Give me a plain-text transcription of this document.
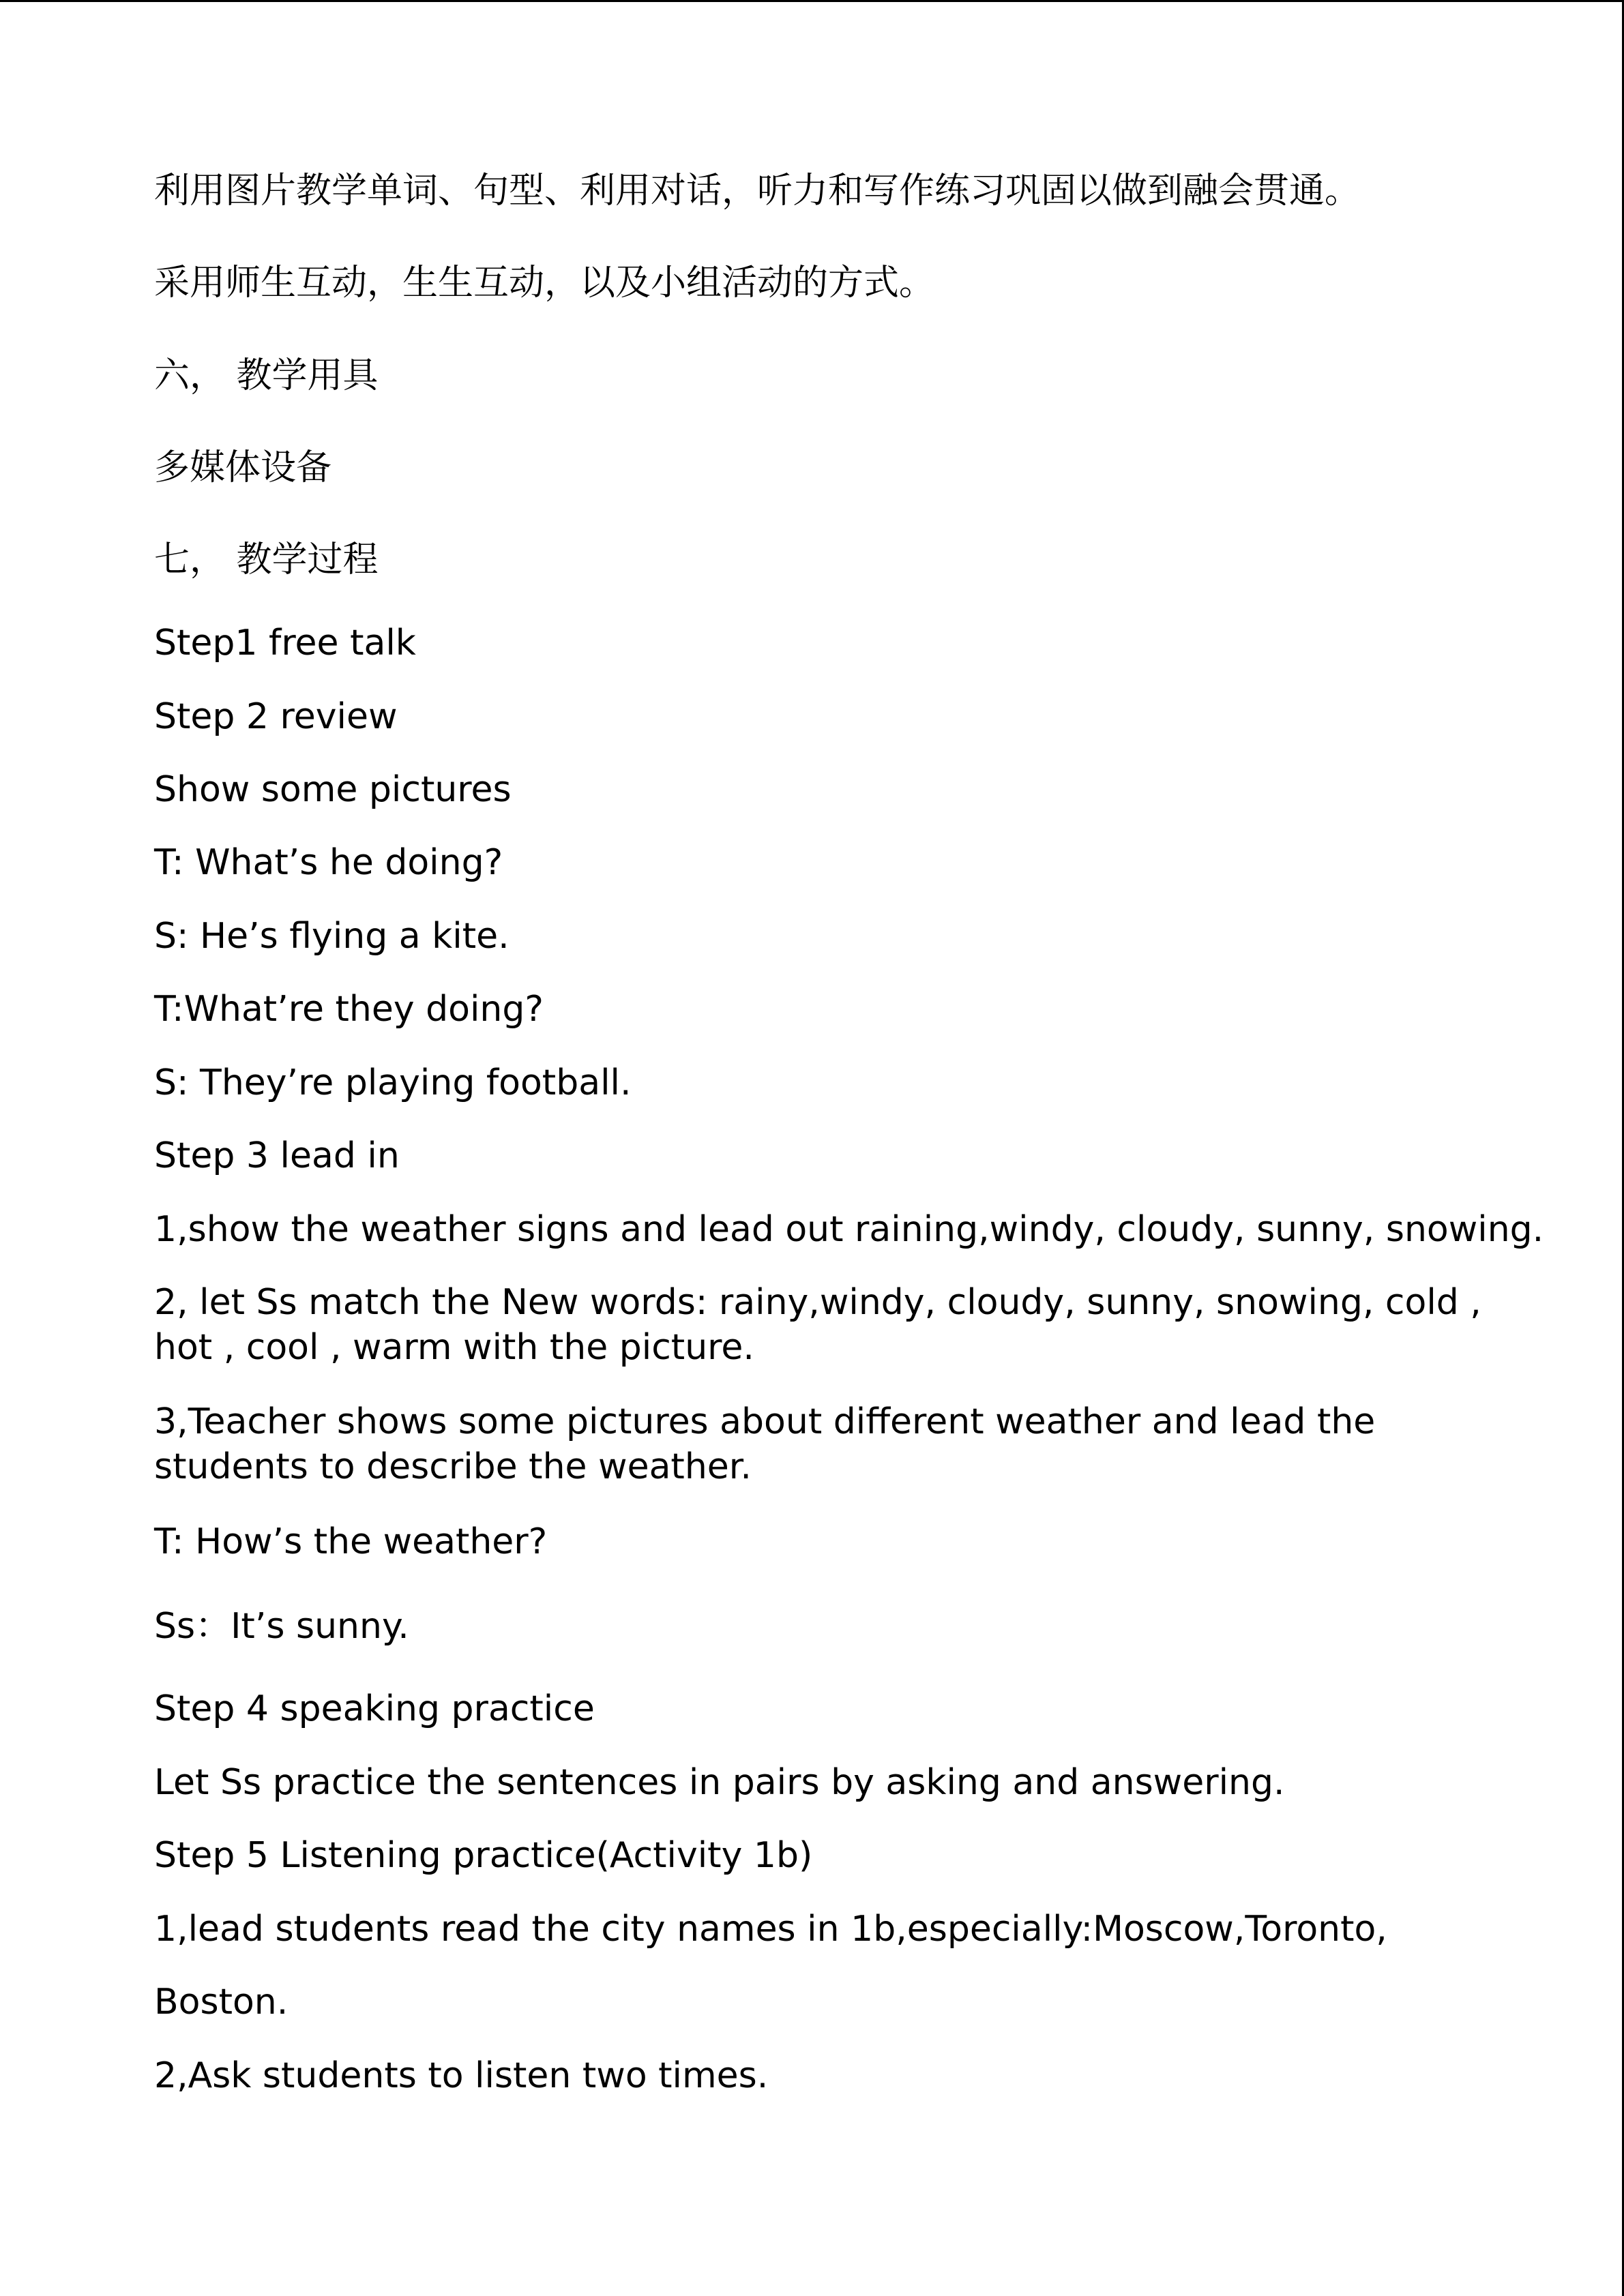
利用图片教学单词、句型、利用对话，听力和写作练习巩固以做到融会贯通。
采用师生互动，生生互动，以及小组活动的方式。
六， 教学用具
多媒体设备
七， 教学过程
Step1 free talk
Step 2 review
Show some pictures
T: What’s he doing?
S: He’s flying a kite.
T:What’re they doing?
S: They’re playing football.
Step 3 lead in
1,show the weather signs and lead out raining,windy, cloudy, sunny, snowing.
2, let Ss match the New words: rainy,windy, cloudy, sunny, snowing, cold , hot , cool , warm with the picture.
3,Teacher shows some pictures about different weather and lead the students to describe the weather.
T: How’s the weather?
Ss：It’s sunny.
Step 4 speaking practice
Let Ss practice the sentences in pairs by asking and answering.
Step 5 Listening practice(Activity 1b)
1,lead students read the city names in 1b,especially:Moscow,Toronto,
Boston.
2,Ask students to listen two times.
